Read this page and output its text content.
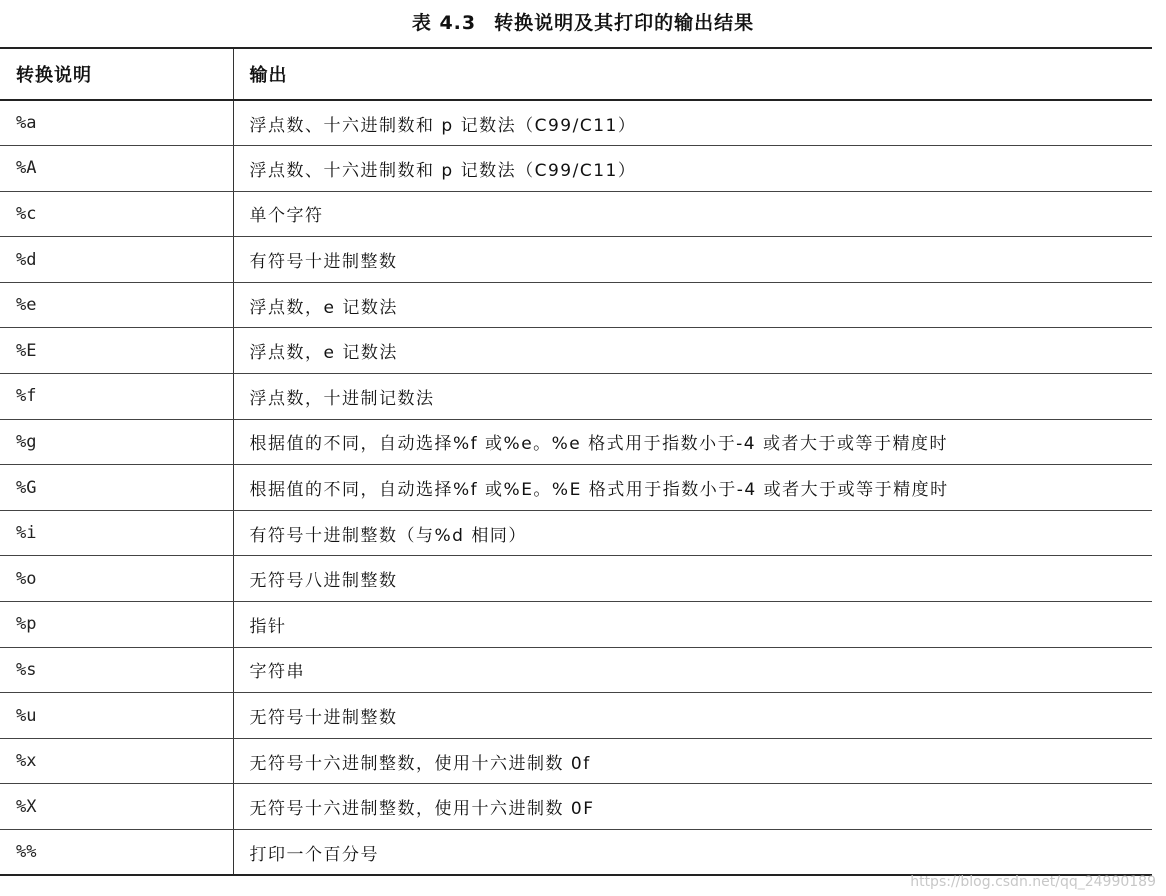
表 4.3 转换说明及其打印的输出结果
转换说明	输出
%a	浮点数、十六进制数和 p 记数法（C99/C11）
%A	浮点数、十六进制数和 p 记数法（C99/C11）
%c	单个字符
%d	有符号十进制整数
%e	浮点数，e 记数法
%E	浮点数，e 记数法
%f	浮点数，十进制记数法
%g	根据值的不同，自动选择%f 或%e。%e 格式用于指数小于-4 或者大于或等于精度时
%G	根据值的不同，自动选择%f 或%E。%E 格式用于指数小于-4 或者大于或等于精度时
%i	有符号十进制整数（与%d 相同）
%o	无符号八进制整数
%p	指针
%s	字符串
%u	无符号十进制整数
%x	无符号十六进制整数，使用十六进制数 0f
%X	无符号十六进制整数，使用十六进制数 0F
%%	打印一个百分号
https://blog.csdn.net/qq_24990189
